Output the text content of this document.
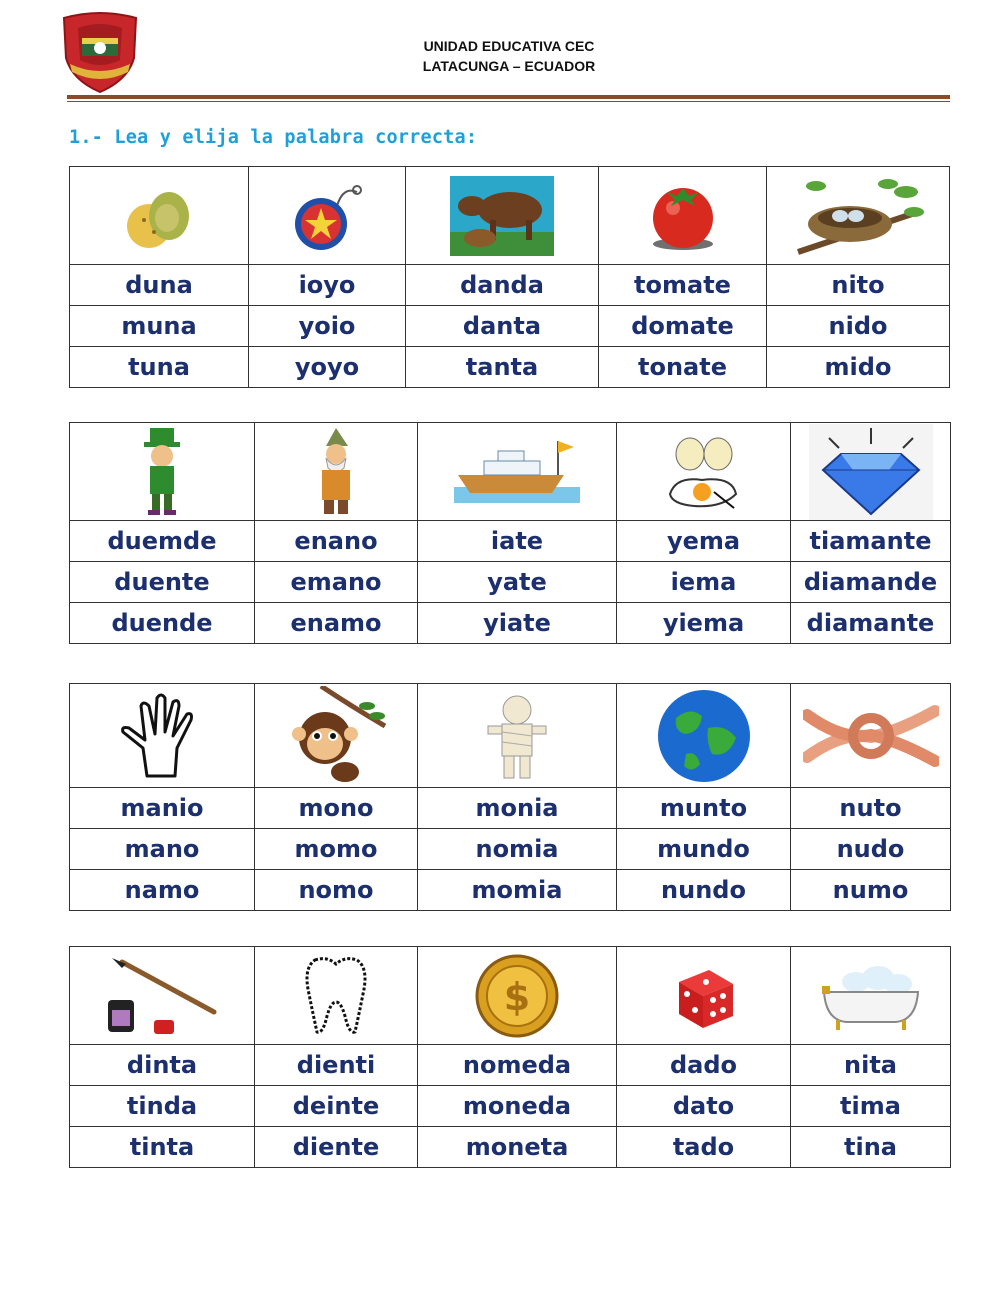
UNIDAD EDUCATIVA CEC
LATACUNGA – ECUADOR
1.- Lea y elija la palabra correcta:

duna	ioyo	danda	tomate	nito
muna	yoio	danta	domate	nido
tuna	yoyo	tanta	tonate	mido

duemde	enano	iate	yema	tiamante
duente	emano	yate	iema	diamande
duende	enamo	yiate	yiema	diamante

manio	mono	monia	munto	nuto
mano	momo	nomia	mundo	nudo
namo	nomo	momia	nundo	numo

$

dinta	dienti	nomeda	dado	nita
tinda	deinte	moneda	dato	tima
tinta	diente	moneta	tado	tina
